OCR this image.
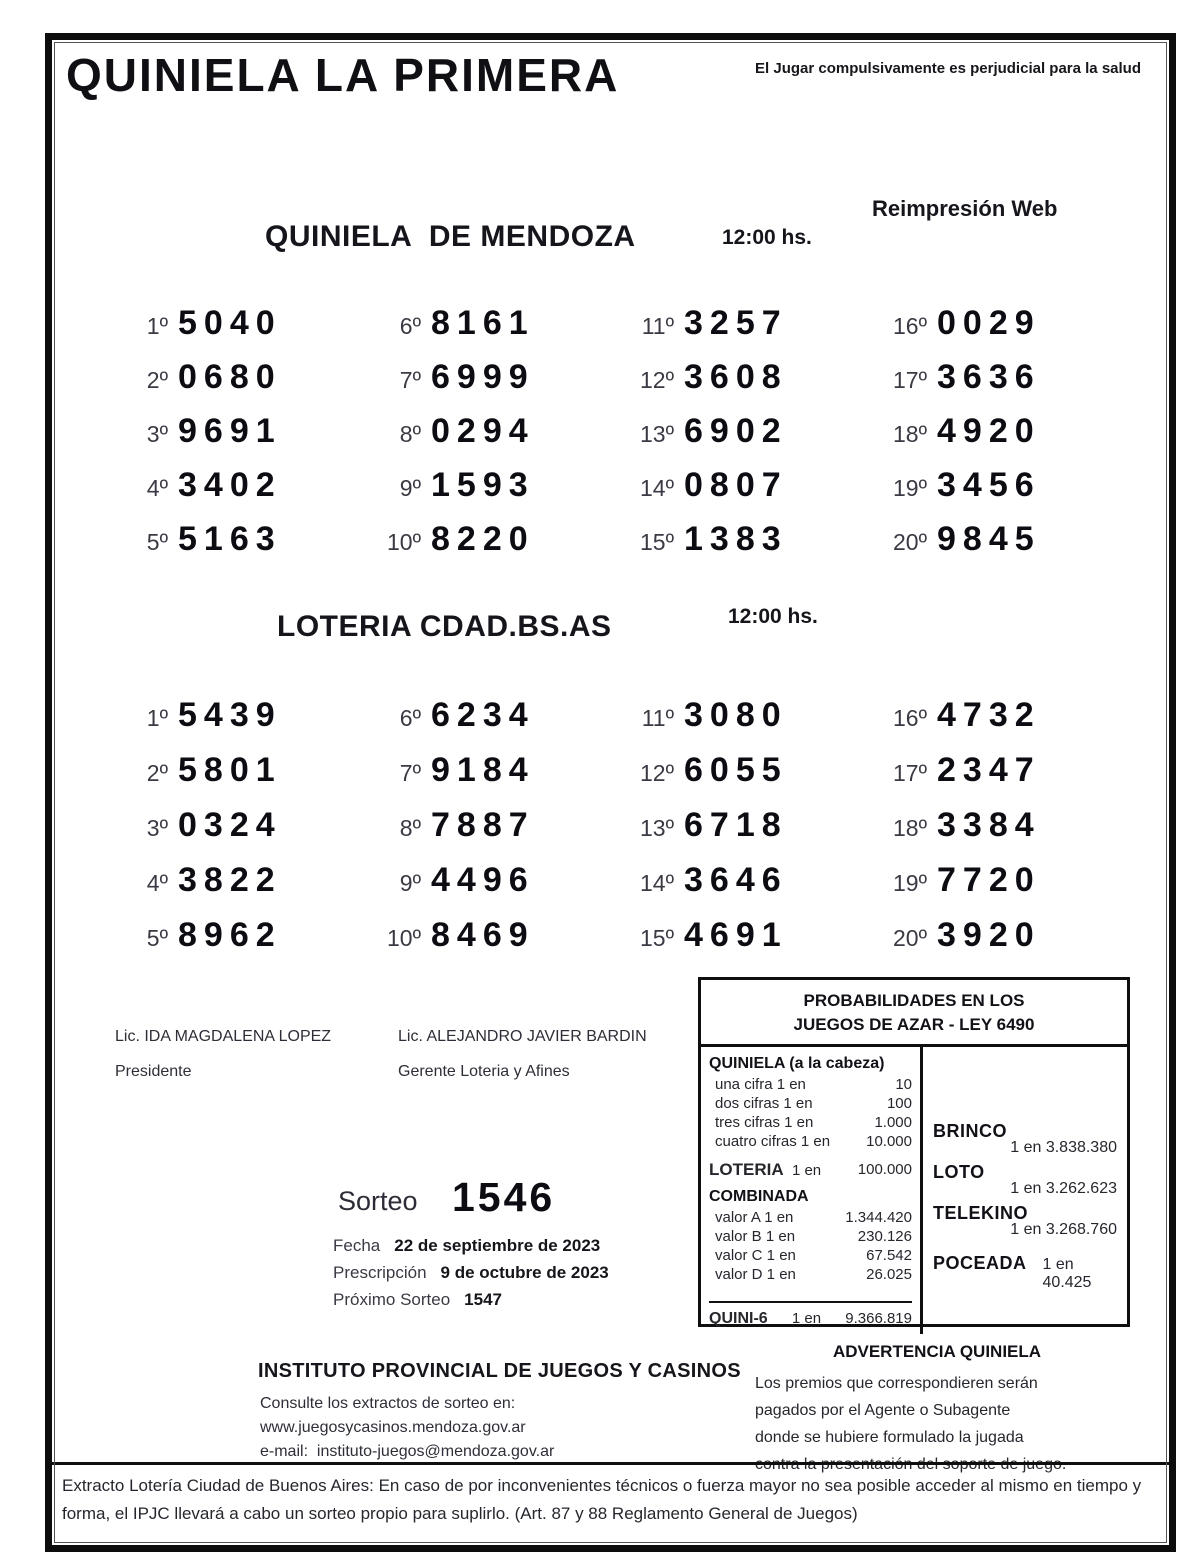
QUINIELA LA PRIMERA	El Jugar compulsivamente es perjudicial para la salud
Reimpresión Web
QUINIELA  DE MENDOZA	12:00 hs.
1º 5040
2º 0680
3º 9691
4º 3402
5º 5163
6º 8161
7º 6999
8º 0294
9º 1593
10º 8220
11º 3257
12º 3608
13º 6902
14º 0807
15º 1383
16º 0029
17º 3636
18º 4920
19º 3456
20º 9845
LOTERIA CDAD.BS.AS	12:00 hs.
1º 5439
2º 5801
3º 0324
4º 3822
5º 8962
6º 6234
7º 9184
8º 7887
9º 4496
10º 8469
11º 3080
12º 6055
13º 6718
14º 3646
15º 4691
16º 4732
17º 2347
18º 3384
19º 7720
20º 3920
Lic. IDA MAGDALENA LOPEZ
Presidente
Lic. ALEJANDRO JAVIER BARDIN
Gerente Loteria y Afines
PROBABILIDADES EN LOS
JUEGOS DE AZAR - LEY 6490
QUINIELA (a la cabeza)
una cifra 1 en	10
dos cifras 1 en	100
tres cifras 1 en	1.000
cuatro cifras 1 en 10.000
LOTERIA 1 en 100.000
COMBINADA
valor A 1 en	1.344.420
valor B 1 en	230.126
valor C 1 en	67.542
valor D 1 en	26.025
QUINI-6 1 en 9.366.819
BRINCO
1 en 3.838.380
LOTO
1 en 3.262.623
TELEKINO
1 en 3.268.760
POCEADA 1 en 40.425
Sorteo 1546
Fecha 22 de septiembre de 2023
Prescripción 9 de octubre de 2023
Próximo Sorteo 1547
INSTITUTO PROVINCIAL DE JUEGOS Y CASINOS
Consulte los extractos de sorteo en:
www.juegosycasinos.mendoza.gov.ar
e-mail:  instituto-juegos@mendoza.gov.ar
ADVERTENCIA QUINIELA
Los premios que correspondieren serán
pagados por el Agente o Subagente
donde se hubiere formulado la jugada
contra la presentación del soporte de juego.
Extracto Lotería Ciudad de Buenos Aires: En caso de por inconvenientes técnicos o fuerza mayor no sea posible acceder al mismo en tiempo y
forma, el IPJC llevará a cabo un sorteo propio para suplirlo. (Art. 87 y 88 Reglamento General de Juegos)
